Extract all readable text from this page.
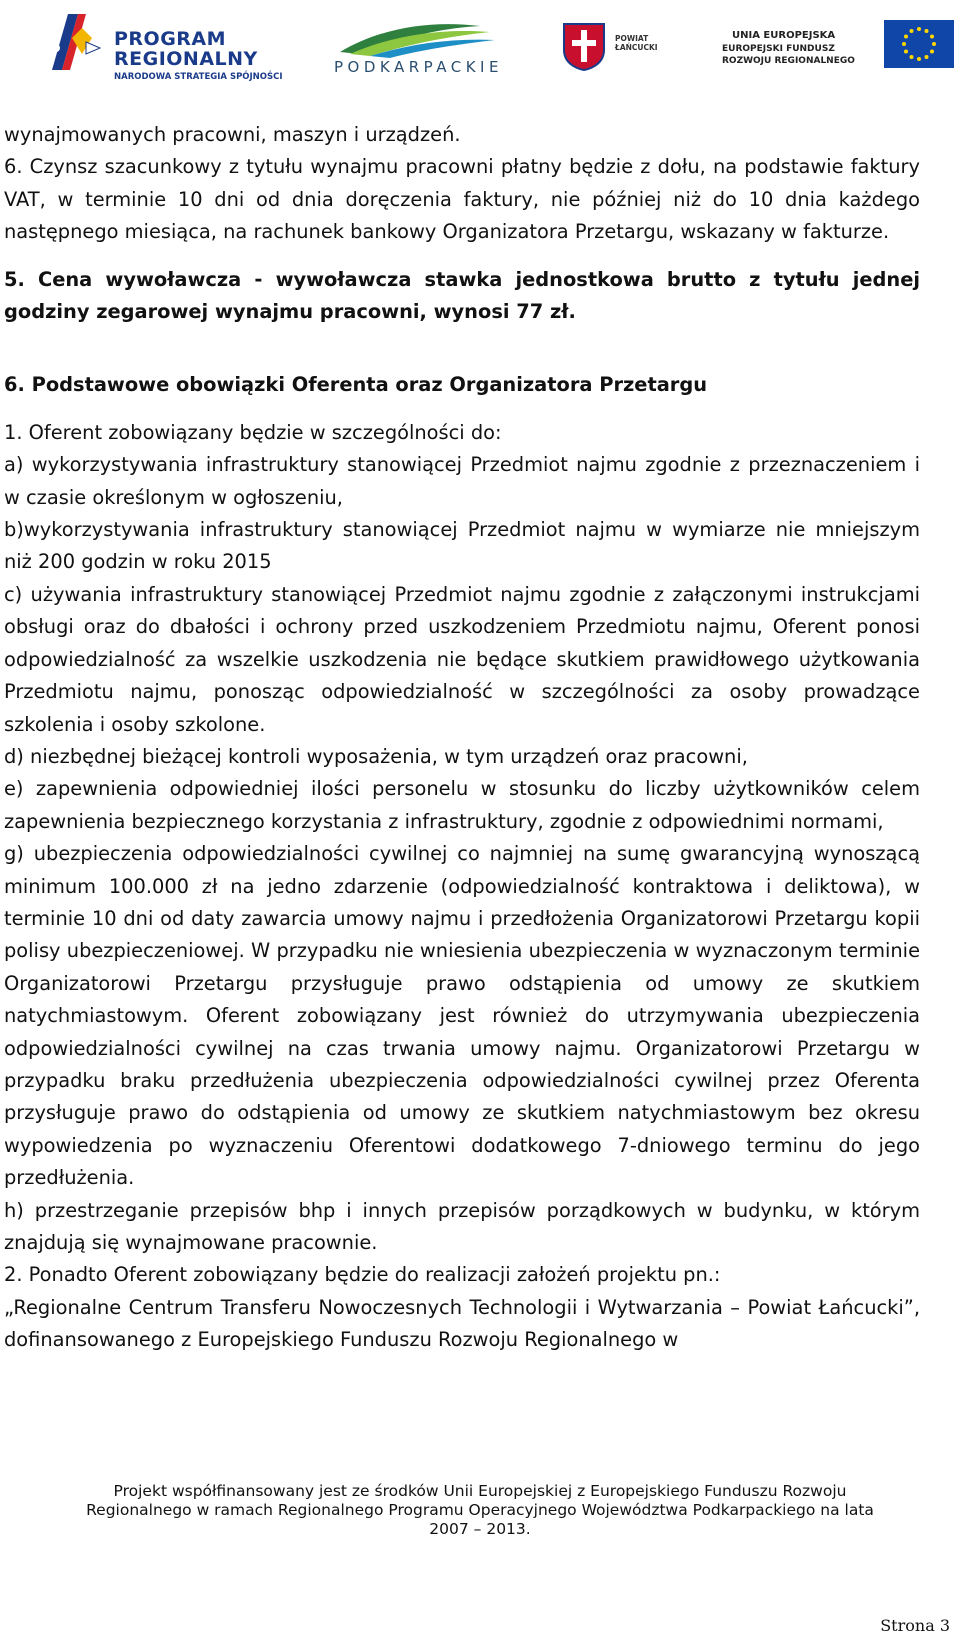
PROGRAM
REGIONALNY
NARODOWA STRATEGIA SPÓJNOŚCI
PODKARPACKIE
POWIAT
ŁAŃCUCKI
UNIA EUROPEJSKA
EUROPEJSKI FUNDUSZ
ROZWOJU REGIONALNEGO

wynajmowanych pracowni, maszyn i urządzeń.

6. Czynsz szacunkowy z tytułu wynajmu pracowni płatny będzie z dołu, na podstawie faktury VAT, w terminie 10 dni od dnia doręczenia faktury, nie później niż do 10 dnia każdego następnego miesiąca, na rachunek bankowy Organizatora Przetargu, wskazany w fakturze.

5. Cena wywoławcza - wywoławcza stawka jednostkowa brutto z tytułu jednej godziny zegarowej wynajmu pracowni, wynosi 77 zł.

6. Podstawowe obowiązki Oferenta oraz Organizatora Przetargu

1. Oferent zobowiązany będzie w szczególności do:

a) wykorzystywania infrastruktury stanowiącej Przedmiot najmu zgodnie z przeznaczeniem i w czasie określonym w ogłoszeniu,

b)wykorzystywania infrastruktury stanowiącej Przedmiot najmu w wymiarze nie mniejszym niż 200 godzin w roku 2015

c) używania infrastruktury stanowiącej Przedmiot najmu zgodnie z załączonymi instrukcjami obsługi oraz do dbałości i ochrony przed uszkodzeniem Przedmiotu najmu, Oferent ponosi odpowiedzialność za wszelkie uszkodzenia nie będące skutkiem prawidłowego użytkowania Przedmiotu najmu, ponosząc odpowiedzialność w szczególności za osoby prowadzące szkolenia i osoby szkolone.

d) niezbędnej bieżącej kontroli wyposażenia, w tym urządzeń oraz pracowni,

e) zapewnienia odpowiedniej ilości personelu w stosunku do liczby użytkowników celem zapewnienia bezpiecznego korzystania z infrastruktury, zgodnie z odpowiednimi normami,

g) ubezpieczenia odpowiedzialności cywilnej co najmniej na sumę gwarancyjną wynoszącą minimum 100.000 zł na jedno zdarzenie (odpowiedzialność kontraktowa i deliktowa), w terminie 10 dni od daty zawarcia umowy najmu i przedłożenia Organizatorowi Przetargu kopii polisy ubezpieczeniowej. W przypadku nie wniesienia ubezpieczenia w wyznaczonym terminie Organizatorowi Przetargu przysługuje prawo odstąpienia od umowy ze skutkiem natychmiastowym. Oferent zobowiązany jest również do utrzymywania ubezpieczenia odpowiedzialności cywilnej na czas trwania umowy najmu. Organizatorowi Przetargu w przypadku braku przedłużenia ubezpieczenia odpowiedzialności cywilnej przez Oferenta przysługuje prawo do odstąpienia od umowy ze skutkiem natychmiastowym bez okresu wypowiedzenia po wyznaczeniu Oferentowi dodatkowego 7-dniowego terminu do jego przedłużenia.

h) przestrzeganie przepisów bhp i innych przepisów porządkowych w budynku, w którym znajdują się wynajmowane pracownie.

2. Ponadto Oferent zobowiązany będzie do realizacji założeń projektu pn.:

„Regionalne Centrum Transferu Nowoczesnych Technologii i Wytwarzania – Powiat Łańcucki”, dofinansowanego z Europejskiego Funduszu Rozwoju Regionalnego w

Projekt współfinansowany jest ze środków Unii Europejskiej z Europejskiego Funduszu Rozwoju
Regionalnego w ramach Regionalnego Programu Operacyjnego Województwa Podkarpackiego na lata
2007 – 2013.
Strona 3
